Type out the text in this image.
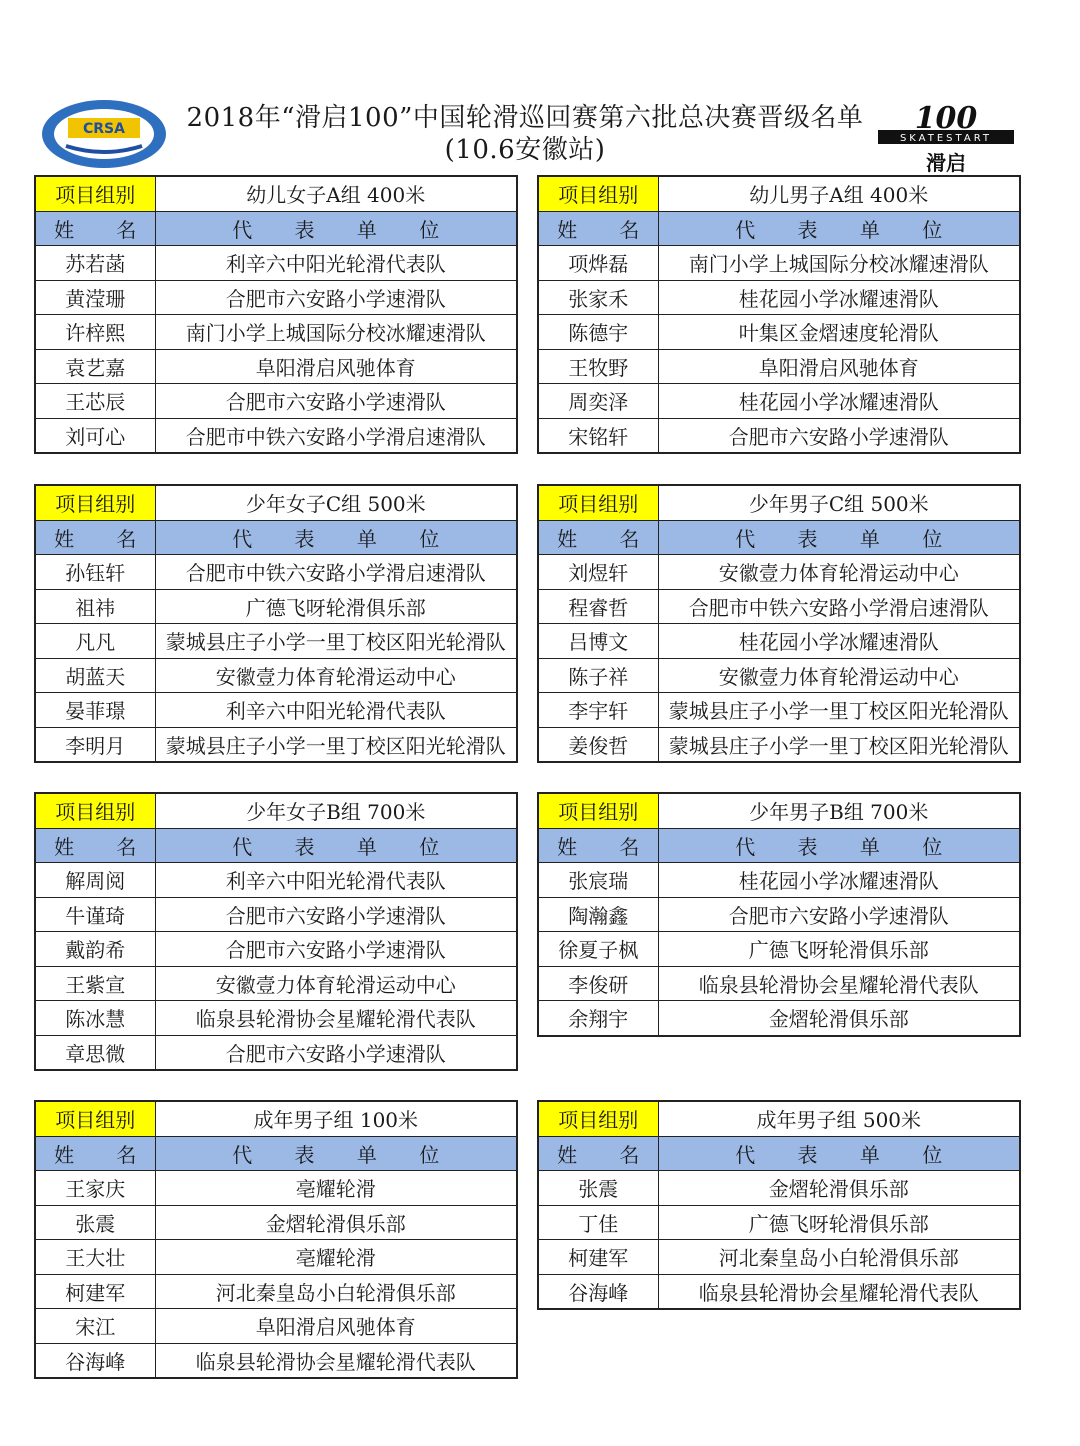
CRSA	2018年“滑启100”中国轮滑巡回赛第六批总决赛晋级名单
(10.6安徽站)	SKATESTART
100
滑启
项目组别	幼儿女子A组 400米
姓 名	代 表 单 位
苏若菡	利辛六中阳光轮滑代表队
黄滢珊	合肥市六安路小学速滑队
许梓熙	南门小学上城国际分校冰耀速滑队
袁艺嘉	阜阳滑启风驰体育
王芯辰	合肥市六安路小学速滑队
刘可心	合肥市中铁六安路小学滑启速滑队
项目组别	幼儿男子A组 400米
姓 名	代 表 单 位
项烨磊	南门小学上城国际分校冰耀速滑队
张家禾	桂花园小学冰耀速滑队
陈德宇	叶集区金熠速度轮滑队
王牧野	阜阳滑启风驰体育
周奕泽	桂花园小学冰耀速滑队
宋铭轩	合肥市六安路小学速滑队
项目组别	少年女子C组 500米
姓 名	代 表 单 位
孙钰轩	合肥市中铁六安路小学滑启速滑队
祖祎	广德飞呀轮滑俱乐部
凡凡	蒙城县庄子小学一里丁校区阳光轮滑队
胡蓝天	安徽壹力体育轮滑运动中心
晏菲璟	利辛六中阳光轮滑代表队
李明月	蒙城县庄子小学一里丁校区阳光轮滑队
项目组别	少年男子C组 500米
姓 名	代 表 单 位
刘煜轩	安徽壹力体育轮滑运动中心
程睿哲	合肥市中铁六安路小学滑启速滑队
吕博文	桂花园小学冰耀速滑队
陈子祥	安徽壹力体育轮滑运动中心
李宇轩	蒙城县庄子小学一里丁校区阳光轮滑队
姜俊哲	蒙城县庄子小学一里丁校区阳光轮滑队
项目组别	少年女子B组 700米
姓 名	代 表 单 位
解周阅	利辛六中阳光轮滑代表队
牛谨琦	合肥市六安路小学速滑队
戴韵希	合肥市六安路小学速滑队
王紫宣	安徽壹力体育轮滑运动中心
陈冰慧	临泉县轮滑协会星耀轮滑代表队
章思微	合肥市六安路小学速滑队
项目组别	少年男子B组 700米
姓 名	代 表 单 位
张宸瑞	桂花园小学冰耀速滑队
陶瀚鑫	合肥市六安路小学速滑队
徐夏子枫	广德飞呀轮滑俱乐部
李俊研	临泉县轮滑协会星耀轮滑代表队
余翔宇	金熠轮滑俱乐部
项目组别	成年男子组 100米
姓 名	代 表 单 位
王家庆	亳耀轮滑
张震	金熠轮滑俱乐部
王大壮	亳耀轮滑
柯建军	河北秦皇岛小白轮滑俱乐部
宋江	阜阳滑启风驰体育
谷海峰	临泉县轮滑协会星耀轮滑代表队
项目组别	成年男子组 500米
姓 名	代 表 单 位
张震	金熠轮滑俱乐部
丁佳	广德飞呀轮滑俱乐部
柯建军	河北秦皇岛小白轮滑俱乐部
谷海峰	临泉县轮滑协会星耀轮滑代表队
